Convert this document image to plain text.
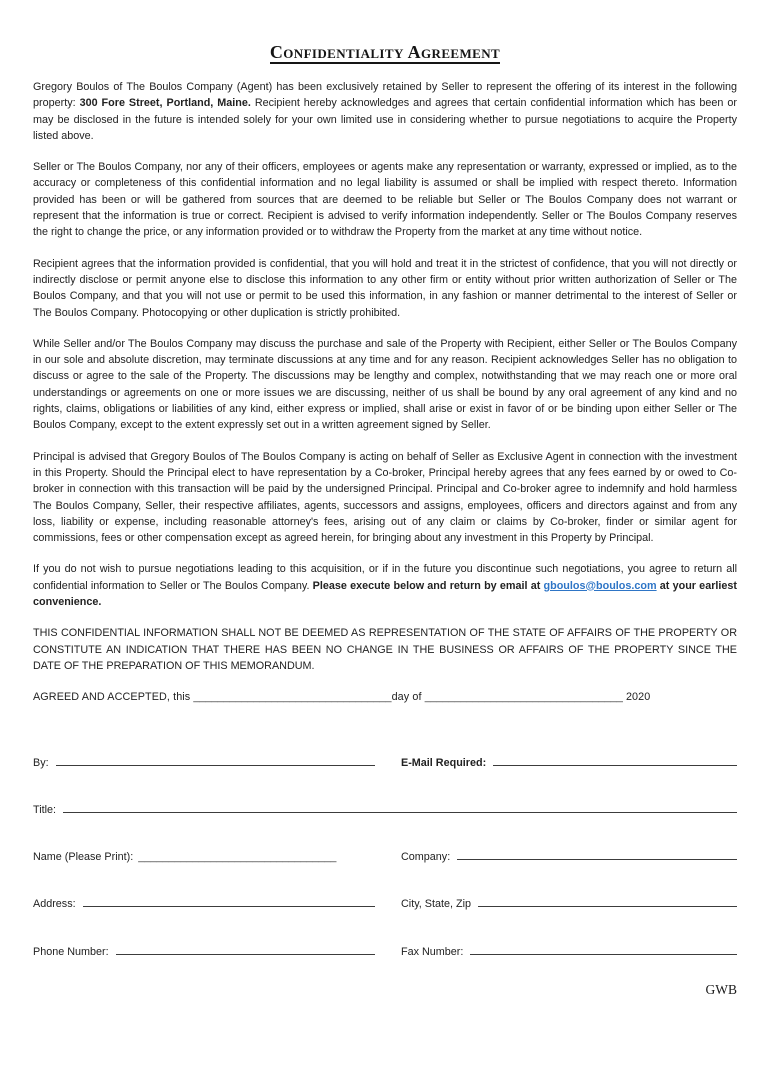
Confidentiality Agreement

Gregory Boulos of The Boulos Company (Agent) has been exclusively retained by Seller to represent the offering of its interest in the following property: 300 Fore Street, Portland, Maine. Recipient hereby acknowledges and agrees that certain confidential information which has been or may be disclosed in the future is intended solely for your own limited use in considering whether to pursue negotiations to acquire the Property listed above.

Seller or The Boulos Company, nor any of their officers, employees or agents make any representation or warranty, expressed or implied, as to the accuracy or completeness of this confidential information and no legal liability is assumed or shall be implied with respect thereto. Information provided has been or will be gathered from sources that are deemed to be reliable but Seller or The Boulos Company does not warrant or represent that the information is true or correct. Recipient is advised to verify information independently. Seller or The Boulos Company reserves the right to change the price, or any information provided or to withdraw the Property from the market at any time without notice.

Recipient agrees that the information provided is confidential, that you will hold and treat it in the strictest of confidence, that you will not directly or indirectly disclose or permit anyone else to disclose this information to any other firm or entity without prior written authorization of Seller or The Boulos Company, and that you will not use or permit to be used this information, in any fashion or manner detrimental to the interest of Seller or The Boulos Company. Photocopying or other duplication is strictly prohibited.

While Seller and/or The Boulos Company may discuss the purchase and sale of the Property with Recipient, either Seller or The Boulos Company in our sole and absolute discretion, may terminate discussions at any time and for any reason. Recipient acknowledges Seller has no obligation to discuss or agree to the sale of the Property. The discussions may be lengthy and complex, notwithstanding that we may reach one or more oral understandings or agreements on one or more issues we are discussing, neither of us shall be bound by any oral agreement of any kind and no rights, claims, obligations or liabilities of any kind, either express or implied, shall arise or exist in favor of or be binding upon either Seller or The Boulos Company, except to the extent expressly set out in a written agreement signed by Seller.

Principal is advised that Gregory Boulos of The Boulos Company is acting on behalf of Seller as Exclusive Agent in connection with the investment in this Property. Should the Principal elect to have representation by a Co-broker, Principal hereby agrees that any fees earned by or owed to Co-broker in connection with this transaction will be paid by the undersigned Principal. Principal and Co-broker agree to indemnify and hold harmless The Boulos Company, Seller, their respective affiliates, agents, successors and assigns, employees, officers and directors against and from any loss, liability or expense, including reasonable attorney's fees, arising out of any claim or claims by Co-broker, finder or similar agent for commissions, fees or other compensation except as agreed herein, for bringing about any investment in this Property by Principal.

If you do not wish to pursue negotiations leading to this acquisition, or if in the future you discontinue such negotiations, you agree to return all confidential information to Seller or The Boulos Company. Please execute below and return by email at gboulos@boulos.com at your earliest convenience.

THIS CONFIDENTIAL INFORMATION SHALL NOT BE DEEMED AS REPRESENTATION OF THE STATE OF AFFAIRS OF THE PROPERTY OR CONSTITUTE AN INDICATION THAT THERE HAS BEEN NO CHANGE IN THE BUSINESS OR AFFAIRS OF THE PROPERTY SINCE THE DATE OF THE PREPARATION OF THIS MEMORANDUM.

AGREED AND ACCEPTED, this _________________________________day of _________________________________ 2020
By:	E-Mail Required:
Title:
Name (Please Print): _________________________________	Company:
Address:	City, State, Zip
Phone Number:	Fax Number:
GWB
